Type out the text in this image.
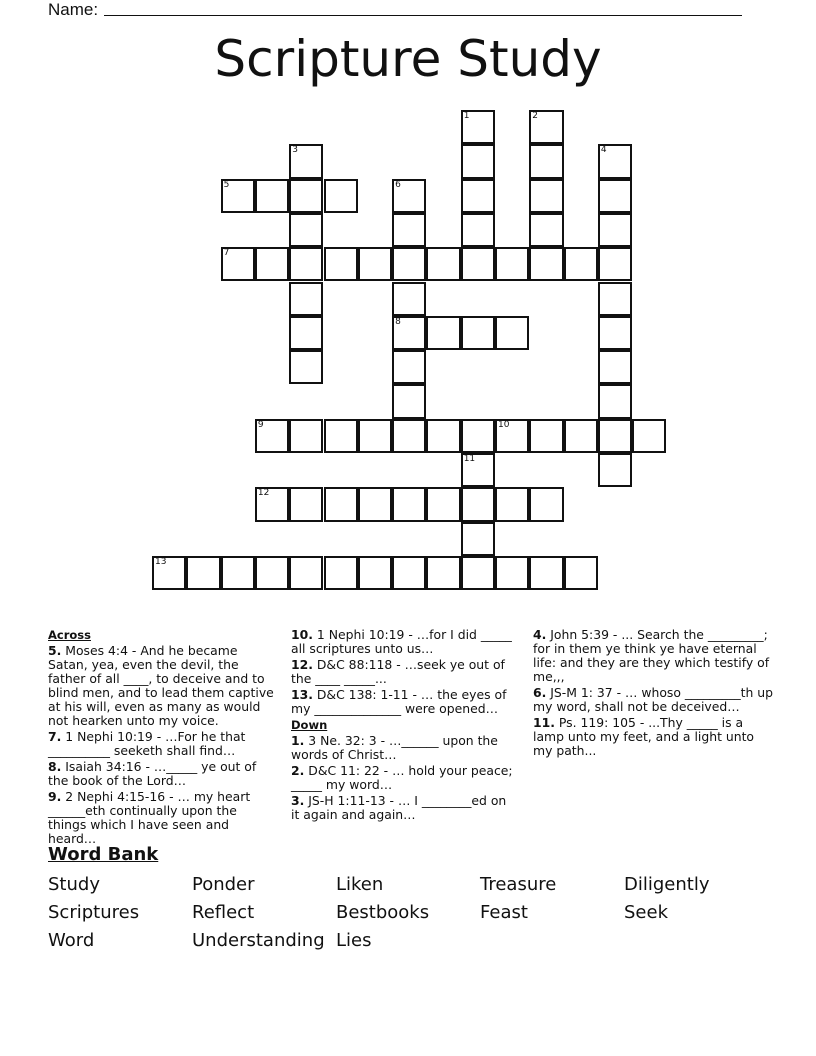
Name:
Scripture Study
1	2
3	4
5	6
8
7
9	10
11
12
13
Across
5. Moses 4:4 - And he became Satan, yea, even the devil, the father of all ____, to deceive and to blind men, and to lead them captive at his will, even as many as would not hearken unto my voice.
7. 1 Nephi 10:19 - …For he that __________ seeketh shall find…
8. Isaiah 34:16 - …_____ ye out of the book of the Lord…
9. 2 Nephi 4:15-16 - … my heart ______eth continually upon the things which I have seen and heard…
10. 1 Nephi 10:19 - …for I did _____ all scriptures unto us…
12. D&C 88:118 - …seek ye out of the ____ _____...
13. D&C 138: 1-11 - … the eyes of my ______________ were opened…
Down
1. 3 Ne. 32: 3 - …______ upon the words of Christ…
2. D&C 11: 22 - … hold your peace; _____ my word…
3. JS-H 1:11-13 - … I ________ed on it again and again…
4. John 5:39 - ... Search the _________; for in them ye think ye have eternal life: and they are they which testify of me,,,
6. JS-M 1: 37 - … whoso _________th up my word, shall not be deceived…
11. Ps. 119: 105 - ...Thy _____ is a lamp unto my feet, and a light unto my path...
Word Bank
Study	Ponder	Liken	Treasure	Diligently
Scriptures	Reflect	Bestbooks	Feast	Seek
Word	Understanding Lies
